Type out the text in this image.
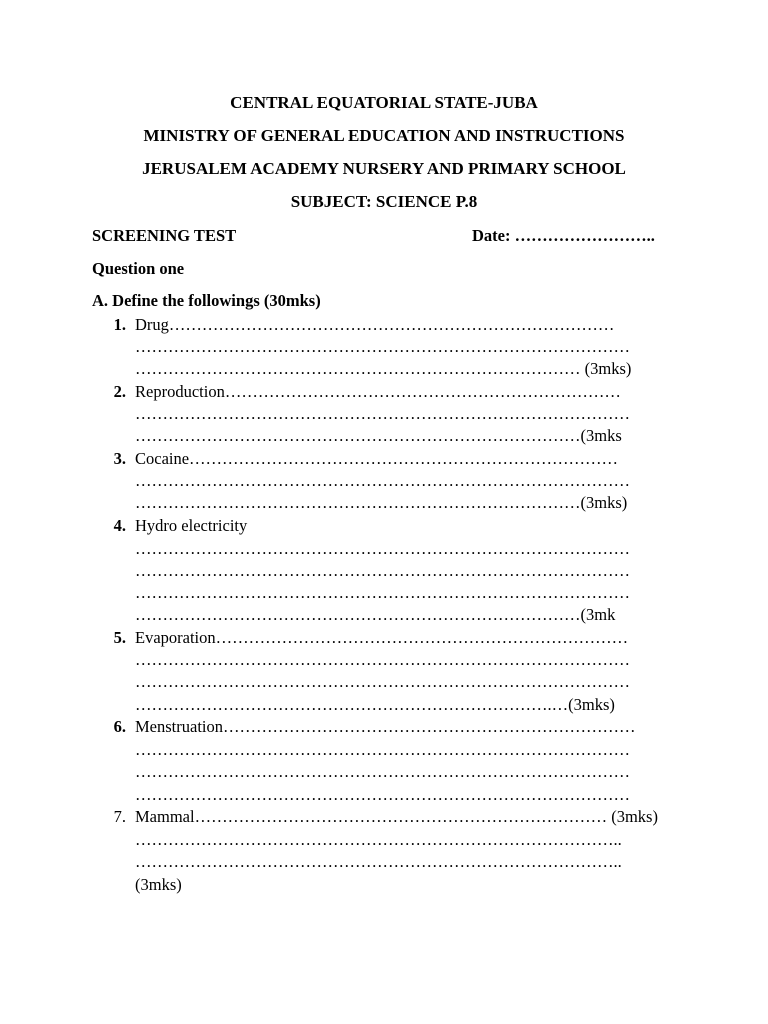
CENTRAL EQUATORIAL STATE-JUBA
MINISTRY OF GENERAL EDUCATION AND INSTRUCTIONS
JERUSALEM ACADEMY NURSERY AND PRIMARY SCHOOL
SUBJECT: SCIENCE P.8
SCREENING TEST	Date: ……………………..
Question one
A. Define the followings (30mks)
1. Drug………………………………………………………………………
………………………………………………………………………………
……………………………………………………………………… (3mks)
2. Reproduction………………………………………………………………
………………………………………………………………………………
………………………………………………………………………(3mks
3. Cocaine……………………………………………………………………
………………………………………………………………………………
………………………………………………………………………(3mks)
4. Hydro electricity
………………………………………………………………………………
………………………………………………………………………………
………………………………………………………………………………
………………………………………………………………………(3mk
5. Evaporation…………………………………………………………………
………………………………………………………………………………
………………………………………………………………………………
………………………………………………………………….…(3mks)
6. Menstruation…………………………………………………………………
………………………………………………………………………………
………………………………………………………………………………
………………………………………………………………………………
7. Mammal………………………………………………………………… (3mks)
……………………………………………………………………………..
……………………………………………………………………………..
(3mks)
